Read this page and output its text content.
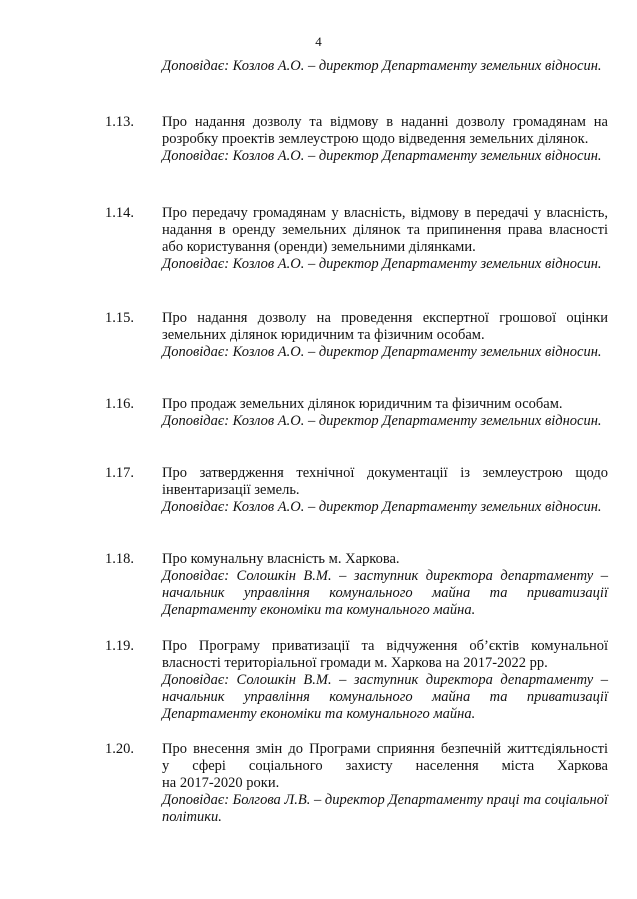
4

Доповідає: Козлов А.О. – директор Департаменту земельних відносин.

1.13. Про надання дозволу та відмову в наданні дозволу громадянам на розробку проектів землеустрою щодо відведення земельних ділянок.
Доповідає: Козлов А.О. – директор Департаменту земельних відносин.
1.14. Про передачу громадянам у власність, відмову в передачі у власність, надання в оренду земельних ділянок та припинення права власності або користування (оренди) земельними ділянками.
Доповідає: Козлов А.О. – директор Департаменту земельних відносин.
1.15. Про надання дозволу на проведення експертної грошової оцінки земельних ділянок юридичним та фізичним особам.
Доповідає: Козлов А.О. – директор Департаменту земельних відносин.
1.16. Про продаж земельних ділянок юридичним та фізичним особам.
Доповідає: Козлов А.О. – директор Департаменту земельних відносин.
1.17. Про затвердження технічної документації із землеустрою щодо інвентаризації земель.
Доповідає: Козлов А.О. – директор Департаменту земельних відносин.
1.18. Про комунальну власність м. Харкова.
Доповідає: Солошкін В.М. – заступник директора департаменту – начальник управління комунального майна та приватизації Департаменту економіки та комунального майна.
1.19. Про Програму приватизації та відчуження об’єктів комунальної власності територіальної громади м. Харкова на 2017-2022 рр.
Доповідає: Солошкін В.М. – заступник директора департаменту – начальник управління комунального майна та приватизації Департаменту економіки та комунального майна.
1.20. Про внесення змін до Програми сприяння безпечній життєдіяльності
у сфері соціального захисту населення міста Харкова
на 2017-2020 роки.
Доповідає: Болгова Л.В. – директор Департаменту праці та соціальної політики.
